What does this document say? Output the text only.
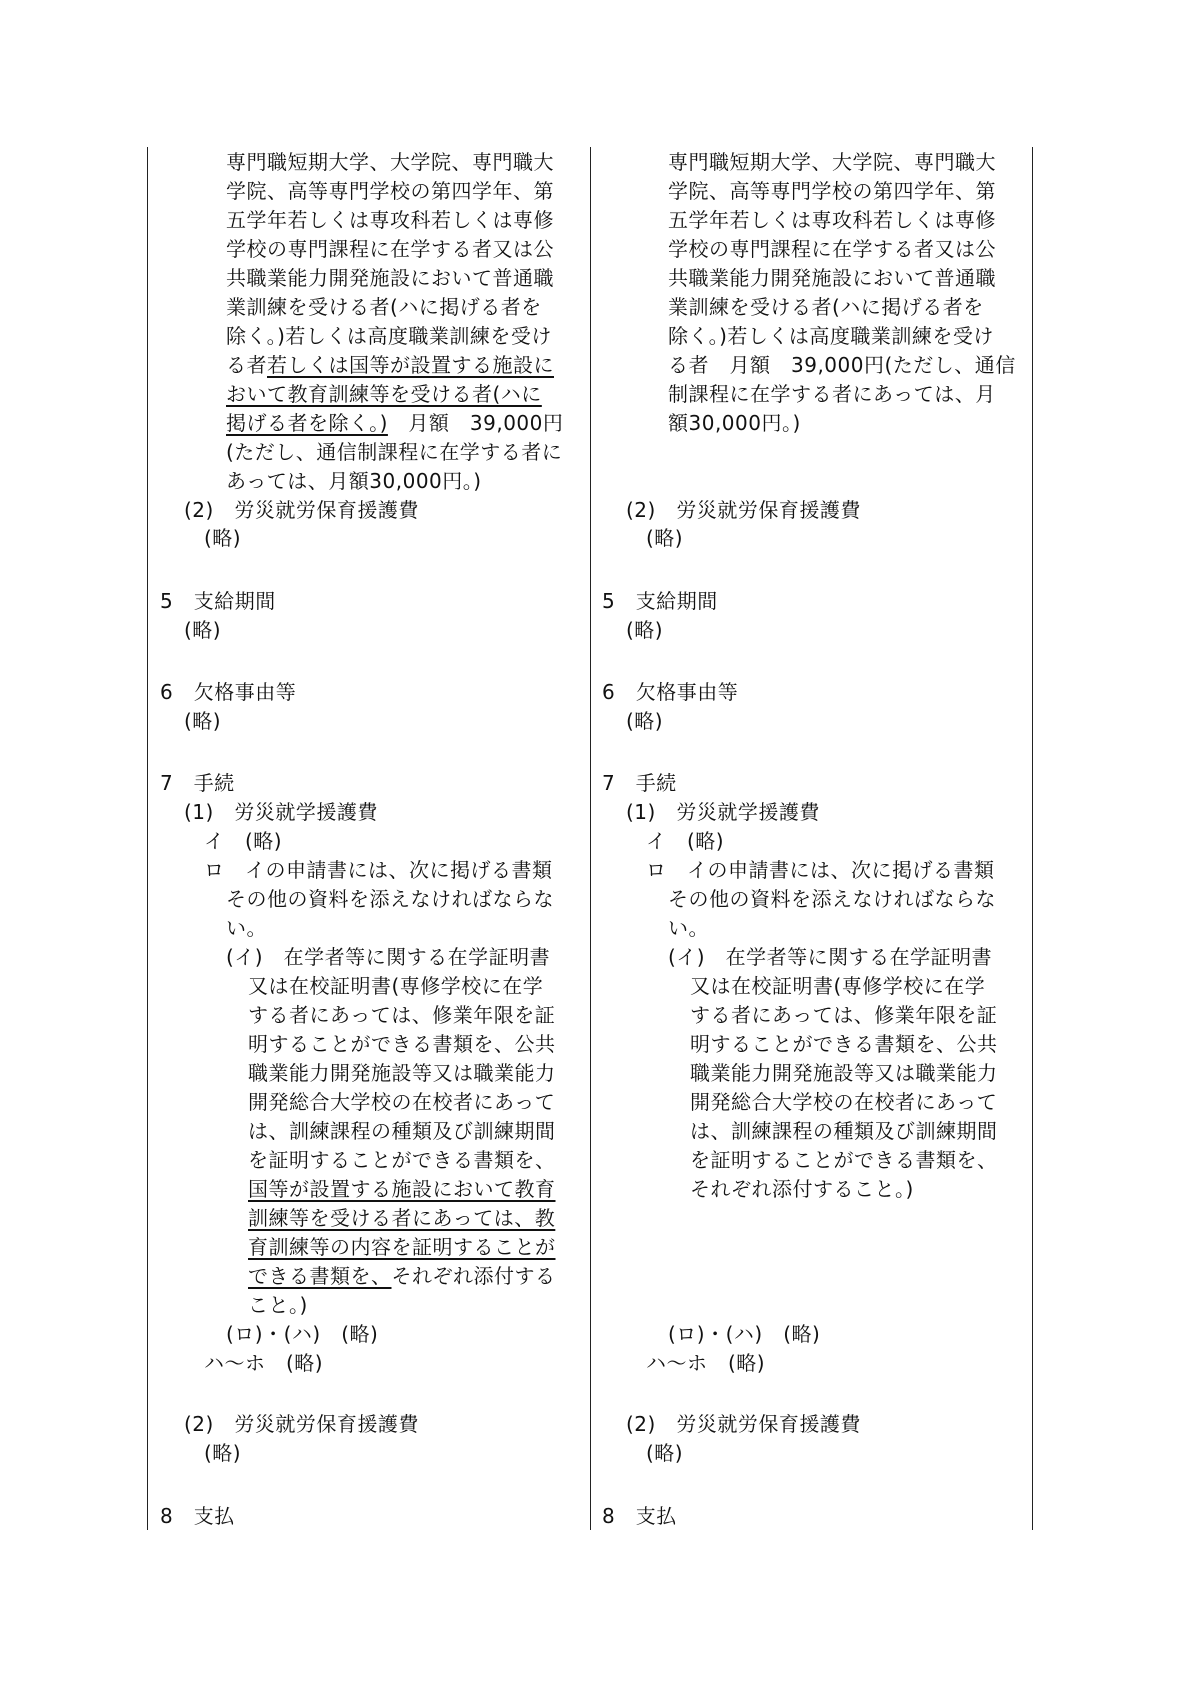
専門職短期大学、大学院、専門職大
学院、高等専門学校の第四学年、第
五学年若しくは専攻科若しくは専修
学校の専門課程に在学する者又は公
共職業能力開発施設において普通職
業訓練を受ける者(ハに掲げる者を
除く。)若しくは高度職業訓練を受け
る者若しくは国等が設置する施設に
おいて教育訓練等を受ける者(ハに
掲げる者を除く。)　月額　39,000円
(ただし、通信制課程に在学する者に
あっては、月額30,000円。)
(2)　労災就労保育援護費
(略)
5　支給期間
(略)
6　欠格事由等
(略)
7　手続
(1)　労災就学援護費
イ　(略)
ロ　イの申請書には、次に掲げる書類
その他の資料を添えなければならな
い。
(イ)　在学者等に関する在学証明書
又は在校証明書(専修学校に在学
する者にあっては、修業年限を証
明することができる書類を、公共
職業能力開発施設等又は職業能力
開発総合大学校の在校者にあって
は、訓練課程の種類及び訓練期間
を証明することができる書類を、
国等が設置する施設において教育
訓練等を受ける者にあっては、教
育訓練等の内容を証明することが
できる書類を、それぞれ添付する
こと。)
(ロ)・(ハ)　(略)
ハ～ホ　(略)
(2)　労災就労保育援護費
(略)
8　支払
専門職短期大学、大学院、専門職大
学院、高等専門学校の第四学年、第
五学年若しくは専攻科若しくは専修
学校の専門課程に在学する者又は公
共職業能力開発施設において普通職
業訓練を受ける者(ハに掲げる者を
除く。)若しくは高度職業訓練を受け
る者　月額　39,000円(ただし、通信
制課程に在学する者にあっては、月
額30,000円。)
(2)　労災就労保育援護費
(略)
5　支給期間
(略)
6　欠格事由等
(略)
7　手続
(1)　労災就学援護費
イ　(略)
ロ　イの申請書には、次に掲げる書類
その他の資料を添えなければならな
い。
(イ)　在学者等に関する在学証明書
又は在校証明書(専修学校に在学
する者にあっては、修業年限を証
明することができる書類を、公共
職業能力開発施設等又は職業能力
開発総合大学校の在校者にあって
は、訓練課程の種類及び訓練期間
を証明することができる書類を、
それぞれ添付すること。)
(ロ)・(ハ)　(略)
ハ～ホ　(略)
(2)　労災就労保育援護費
(略)
8　支払
